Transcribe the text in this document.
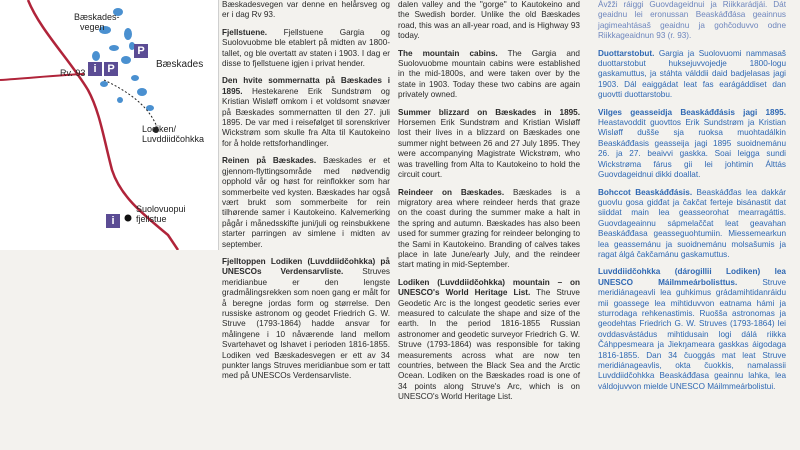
Bæskades-
vegen
Rv. 93
Bæskades
Lodiken/
Luvddiidčohkka
Suolovuopui
fjellstue
P
i P
i

Bæskadesvegen var denne en helårsveg og er i dag Rv 93.

Fjellstuene. Fjellstuene Gargia og Suolovuobme ble etablert på midten av 1800-tallet, og ble overtatt av staten i 1903. I dag er disse to fjellstuene igjen i privat hender.

Den hvite sommernatta på Bæskades i 1895. Hestekarene Erik Sundstrøm og Kristian Wisløff omkom i et voldsomt snøvær på Bæskades sommernatten til den 27. juli 1895. De var med i reisefølget til sorenskriver Wickstrøm som skulle fra Alta til Kautokeino for å holde rettsforhandlinger.

Reinen på Bæskades. Bæskades er et gjennom-flyttingsområde med nødvendig opphold vår og høst for reinflokker som har sommerbeite ved kysten. Bæskades har også vært brukt som sommerbeite for rein tilhørende samer i Kautokeino. Kalvemerking pågår i månedsskifte juni/juli og reinsbukkene starter parringen av simlene i midten av september.

Fjelltoppen Lodiken (Luvddiidčohkka) på UNESCOs Verdensarvliste. Struves meridianbue er den lengste gradmålingsrekken som noen gang er målt for å beregne jordas form og størrelse. Den russiske astronom og geodet Friedrich G. W. Struve (1793-1864) hadde ansvar for målingene i 10 nåværende land mellom Svartehavet og Ishavet i perioden 1816-1855. Lodiken ved Bæskadesvegen er ett av 34 punkter langs Struves meridianbue som er tatt med på UNESCOs Verdensarvliste.

dalen valley and the "gorge" to Kautokeino and the Swedish border. Unlike the old Bæskades road, this was an all-year road, and is Highway 93 today.

The mountain cabins. The Gargia and Suolovuobme mountain cabins were established in the mid-1800s, and were taken over by the state in 1903. Today these two cabins are again privately owned.

Summer blizzard on Bæskades in 1895. Horsemen Erik Sundstrøm and Kristian Wisløff lost their lives in a blizzard on Bæskades one summer night between 26 and 27 July 1895. They were accompanying Magistrate Wickstrøm, who was travelling from Alta to Kautokeino to hold the circuit court.

Reindeer on Bæskades. Bæskades is a migratory area where reindeer herds that graze on the coast during the summer make a halt in the spring and autumn. Bæskades has also been used for summer grazing for reindeer belonging to the Sami in Kautokeino. Branding of calves takes place in late June/early July, and the reindeer start mating in mid-September.

Lodiken (Luvddiidčohkka) mountain – on UNESCO's World Heritage List. The Struve Geodetic Arc is the longest geodetic series ever measured to calculate the shape and size of the earth. In the period 1816-1855 Russian astronomer and geodetic surveyor Friedrich G. W. Struve (1793-1864) was responsible for taking measurements across what are now ten countries, between the Black Sea and the Arctic Ocean. Lodiken on the Bæskades road is one of 34 points along Struve's Arc, which is on UNESCO's World Heritage List.

Ávžži ráiggi Guovdageidnui ja Riikkarádjái. Dát geaidnu lei eronussan Beaskáđđása geainnus jagimeahtásaš geaidnu ja gohčoduvvo odne Riikkageaidnun 93 (r. 93).

Duottarstobut. Gargia ja Suolovuomi nammasaš duottarstobut huksejuvvojedje 1800-logu gaskamuttus, ja stáhta válddii daid badjelasas jagi 1903. Dál eaiggádat leat fas earágáddiset dan guovtti duottarstobu.

Vilges geasseidja Beaskáđđásis jagi 1895. Heastavoddit guovttos Erik Sundstrøm ja Kristian Wisløff dušše sja ruoksa muohtadálkin Beaskáđđasis geasseija jagi 1895 suoidnemánu 26. ja 27. beaivvi gaskka. Soai leigga sundi Wickstrøma fárus gii lei johtimin Álttás Guovdageidnui dikki doallat.

Bohccot Beaskáđđásis. Beaskáđđas lea dakkár guovlu gosa gidđat ja čakčat ferteje bisánastit dat siiddat main lea geasseorohat mearragáttis. Guovdageainnu sápmelaččat leat geavahan Beaskáđđasa geasseguohtumiin. Miessemearkun lea geassemánu ja suoidnemánu molsašumis ja ragat álgá čakčamánu gaskamuttus.

Luvddiidčohkka (dárogillii Lodiken) lea UNESCO Máilmmeárbolisttus. Struve meridiánageavli lea guhkimus grádamihtidanráidu mii goassege lea mihtiduvvon eatnama hámi ja sturrodaga rehkenastimis. Ruošša astronomas ja geodehtas Friedrich G. W. Struves (1793-1864) lei ovddasvástádus mihtidusain logi dálá riikka Čáhppesmeara ja Jiekŋameara gaskkas áigodaga 1816-1855. Dan 34 čuoggás mat leat Struve meridiánageavlis, okta čuokkis, namalassii Luvddiidčohkka Beaskáđđasa geainnu lahka, lea váldojuvvon mielde UNESCO Máilmmeárbolistui.
